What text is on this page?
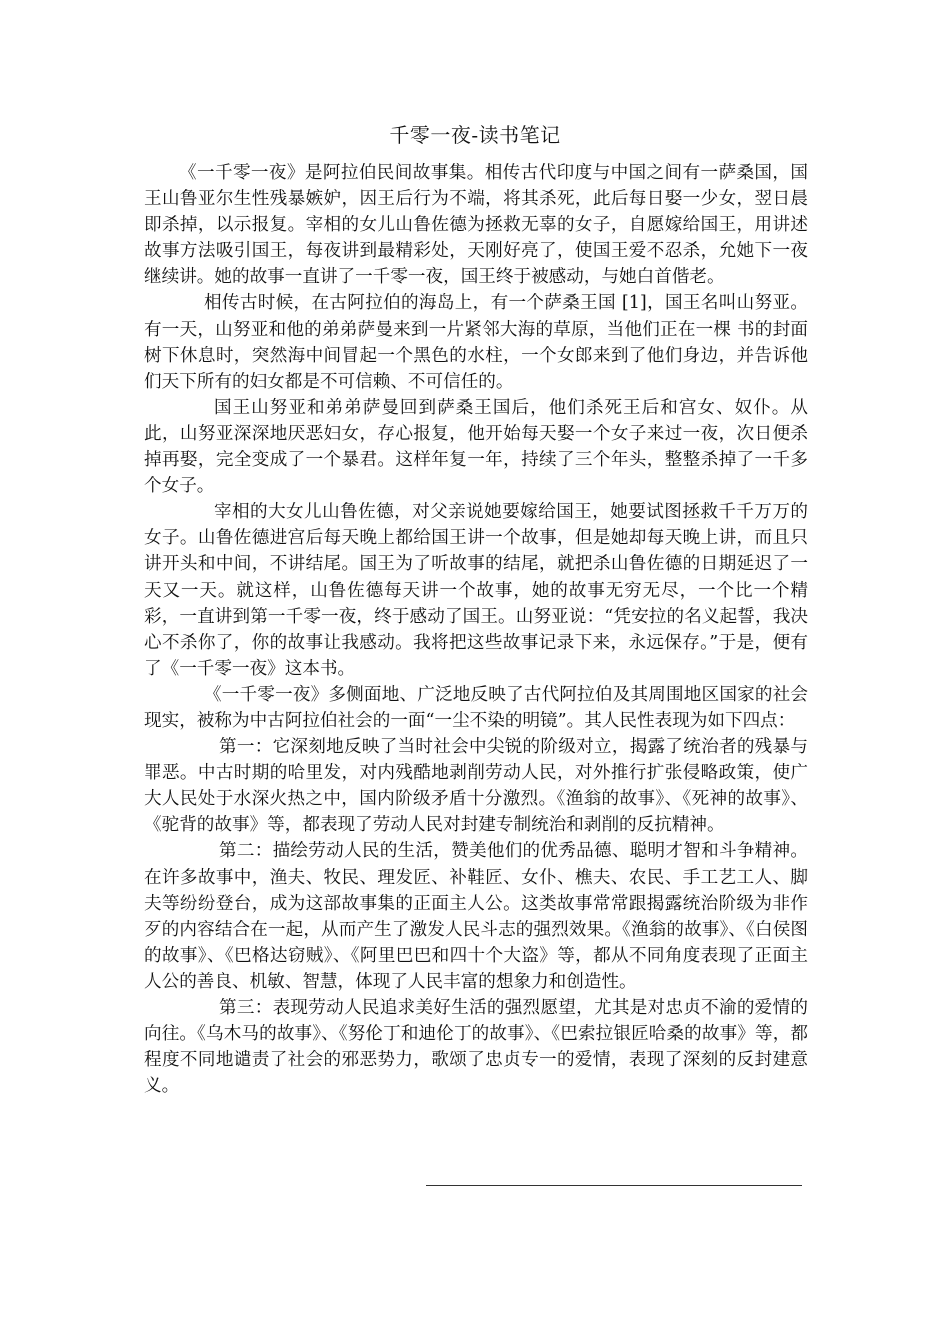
千零一夜-读书笔记

《一千零一夜》是阿拉伯民间故事集。相传古代印度与中国之间有一萨桑国，国王山鲁亚尔生性残暴嫉妒，因王后行为不端，将其杀死，此后每日娶一少女，翌日晨即杀掉，以示报复。宰相的女儿山鲁佐德为拯救无辜的女子，自愿嫁给国王，用讲述故事方法吸引国王，每夜讲到最精彩处，天刚好亮了，使国王爱不忍杀，允她下一夜继续讲。她的故事一直讲了一千零一夜，国王终于被感动，与她白首偕老。

相传古时候，在古阿拉伯的海岛上，有一个萨桑王国 [1]，国王名叫山努亚。有一天，山努亚和他的弟弟萨曼来到一片紧邻大海的草原，当他们正在一棵 书的封面树下休息时，突然海中间冒起一个黑色的水柱，一个女郎来到了他们身边，并告诉他们天下所有的妇女都是不可信赖、不可信任的。

国王山努亚和弟弟萨曼回到萨桑王国后，他们杀死王后和宫女、奴仆。从此，山努亚深深地厌恶妇女，存心报复，他开始每天娶一个女子来过一夜，次日便杀掉再娶，完全变成了一个暴君。这样年复一年，持续了三个年头，整整杀掉了一千多个女子。

宰相的大女儿山鲁佐德，对父亲说她要嫁给国王，她要试图拯救千千万万的女子。山鲁佐德进宫后每天晚上都给国王讲一个故事，但是她却每天晚上讲，而且只讲开头和中间，不讲结尾。国王为了听故事的结尾，就把杀山鲁佐德的日期延迟了一天又一天。就这样，山鲁佐德每天讲一个故事，她的故事无穷无尽，一个比一个精彩，一直讲到第一千零一夜，终于感动了国王。山努亚说：“凭安拉的名义起誓，我决心不杀你了，你的故事让我感动。我将把这些故事记录下来，永远保存。”于是，便有了《一千零一夜》这本书。

《一千零一夜》多侧面地、广泛地反映了古代阿拉伯及其周围地区国家的社会现实，被称为中古阿拉伯社会的一面“一尘不染的明镜”。其人民性表现为如下四点：

第一：它深刻地反映了当时社会中尖锐的阶级对立，揭露了统治者的残暴与罪恶。中古时期的哈里发，对内残酷地剥削劳动人民，对外推行扩张侵略政策，使广大人民处于水深火热之中，国内阶级矛盾十分激烈。《渔翁的故事》、《死神的故事》、《驼背的故事》等，都表现了劳动人民对封建专制统治和剥削的反抗精神。

第二：描绘劳动人民的生活，赞美他们的优秀品德、聪明才智和斗争精神。在许多故事中，渔夫、牧民、理发匠、补鞋匠、女仆、樵夫、农民、手工艺工人、脚夫等纷纷登台，成为这部故事集的正面主人公。这类故事常常跟揭露统治阶级为非作歹的内容结合在一起，从而产生了激发人民斗志的强烈效果。《渔翁的故事》、《白侯图的故事》、《巴格达窃贼》、《阿里巴巴和四十个大盗》等，都从不同角度表现了正面主人公的善良、机敏、智慧，体现了人民丰富的想象力和创造性。

第三：表现劳动人民追求美好生活的强烈愿望，尤其是对忠贞不渝的爱情的向往。《乌木马的故事》、《努伦丁和迪伦丁的故事》、《巴索拉银匠哈桑的故事》等，都程度不同地谴责了社会的邪恶势力，歌颂了忠贞专一的爱情，表现了深刻的反封建意义。
